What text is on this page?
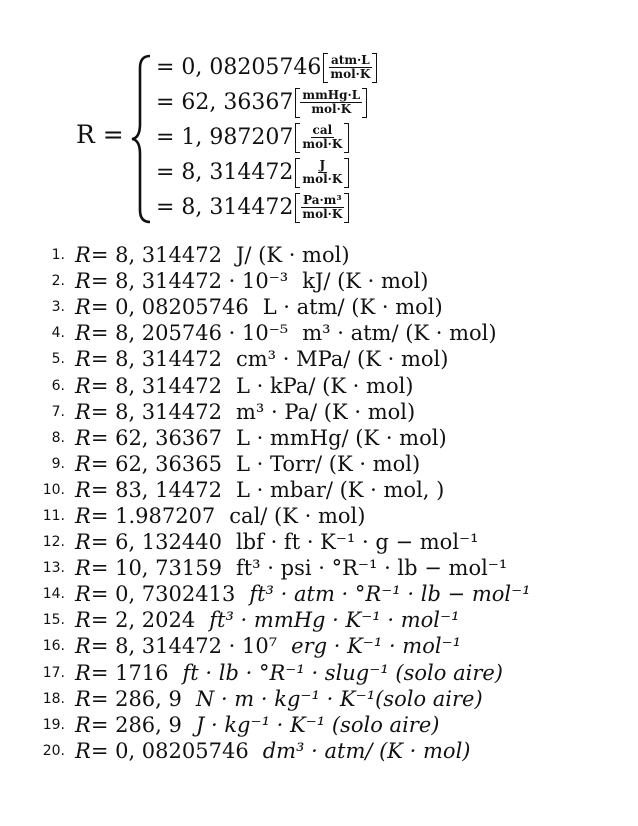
R =
= 0, $08205746 \frac{\text{atm·L}}{\text{mol·K}}$
= 62, $36367 \frac{\text{mmHg·L}}{\text{mol·K}}$
= 1, $987207 \frac{\text{cal}}{\text{mol·K}}$
= 8, $314472 \frac{J}{\text{mol·K}}$
= 8, $314472 \frac{\text{Pa·m³}}{\text{mol·K}}$
1. R= 8, 314472 J/ (K · mol)
2. R= 8, 314472 · 10⁻³ kJ/ (K · mol)
3. R= 0, 08205746 L · atm/ (K · mol)
4. R= 8, 205746 · 10⁻⁵ m³ · atm/ (K · mol)
5. R= 8, 314472 cm³ · MPa/ (K · mol)
6. R= 8, 314472 L · kPa/ (K · mol)
7. R= 8, 314472 m³ · Pa/ (K · mol)
8. R= 62, 36367 L · mmHg/ (K · mol)
9. R= 62, 36365 L · Torr/ (K · mol)
10. R= 83, 14472 L · mbar/ (K · mol, )
11. R= 1.987207 cal/ (K · mol)
12. R= 6, 132440 lbf · ft · K⁻¹ · g − mol⁻¹
13. R= 10, 73159 ft³ · psi · °R⁻¹ · lb − mol⁻¹
14. R= 0, 7302413 ft³ · atm · °R⁻¹ · lb − mol⁻¹
15. R= 2, 2024 ft³ · mmHg · K⁻¹ · mol⁻¹
16. R= 8, 314472 · 10⁷ erg · K⁻¹ · mol⁻¹
17. R= 1716 ft · lb · °R⁻¹ · slug⁻¹ (solo aire)
18. R= 286, 9 N · m · kg⁻¹ · K⁻¹(solo aire)
19. R= 286, 9 J · kg⁻¹ · K⁻¹ (solo aire)
20. R= 0, 08205746 dm³ · atm/ (K · mol)
